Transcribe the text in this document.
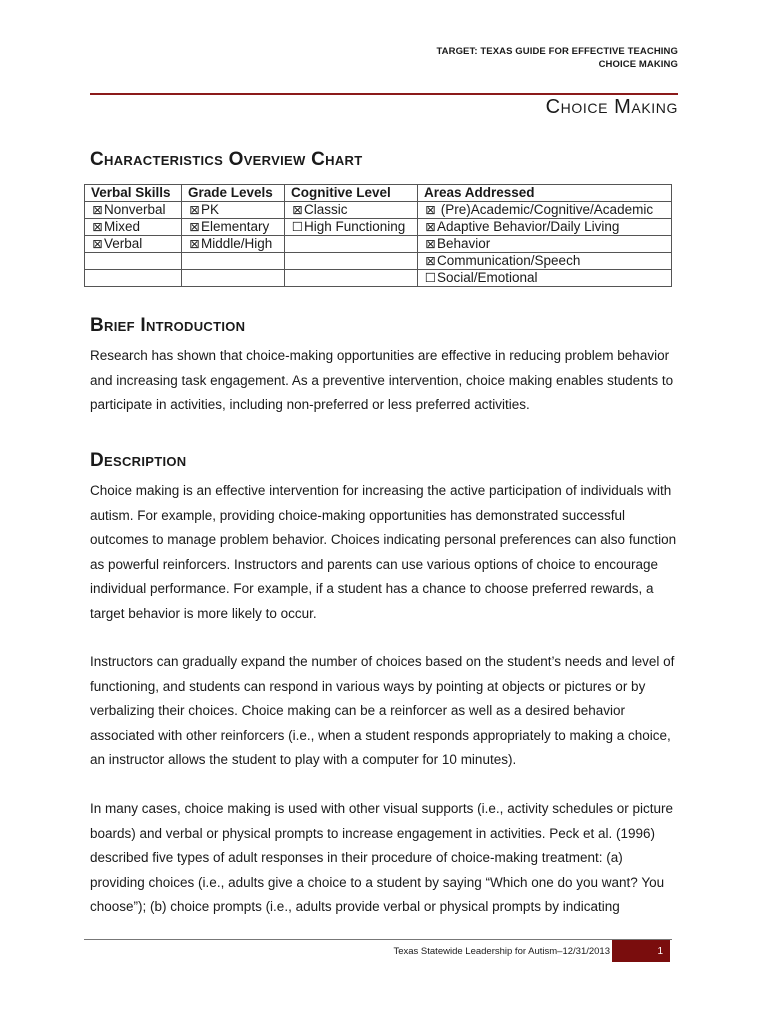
TARGET: TEXAS GUIDE FOR EFFECTIVE TEACHING
CHOICE MAKING
Choice Making
Characteristics Overview Chart
Verbal Skills	Grade Levels	Cognitive Level	Areas Addressed
⊠Nonverbal	⊠PK	⊠Classic	⊠ (Pre)Academic/Cognitive/Academic
⊠Mixed	⊠Elementary	☐High Functioning	⊠Adaptive Behavior/Daily Living
⊠Verbal	⊠Middle/High		⊠Behavior
			⊠Communication/Speech
			☐Social/Emotional
Brief Introduction

Research has shown that choice-making opportunities are effective in reducing problem behavior and increasing task engagement. As a preventive intervention, choice making enables students to participate in activities, including non-preferred or less preferred activities.

Description

Choice making is an effective intervention for increasing the active participation of individuals with autism. For example, providing choice-making opportunities has demonstrated successful outcomes to manage problem behavior. Choices indicating personal preferences can also function as powerful reinforcers. Instructors and parents can use various options of choice to encourage individual performance. For example, if a student has a chance to choose preferred rewards, a target behavior is more likely to occur.

Instructors can gradually expand the number of choices based on the student’s needs and level of functioning, and students can respond in various ways by pointing at objects or pictures or by verbalizing their choices. Choice making can be a reinforcer as well as a desired behavior associated with other reinforcers (i.e., when a student responds appropriately to making a choice, an instructor allows the student to play with a computer for 10 minutes).

In many cases, choice making is used with other visual supports (i.e., activity schedules or picture boards) and verbal or physical prompts to increase engagement in activities. Peck et al. (1996) described five types of adult responses in their procedure of choice-making treatment: (a) providing choices (i.e., adults give a choice to a student by saying “Which one do you want? You choose”); (b) choice prompts (i.e., adults provide verbal or physical prompts by indicating

Texas Statewide Leadership for Autism–12/31/2013	1
